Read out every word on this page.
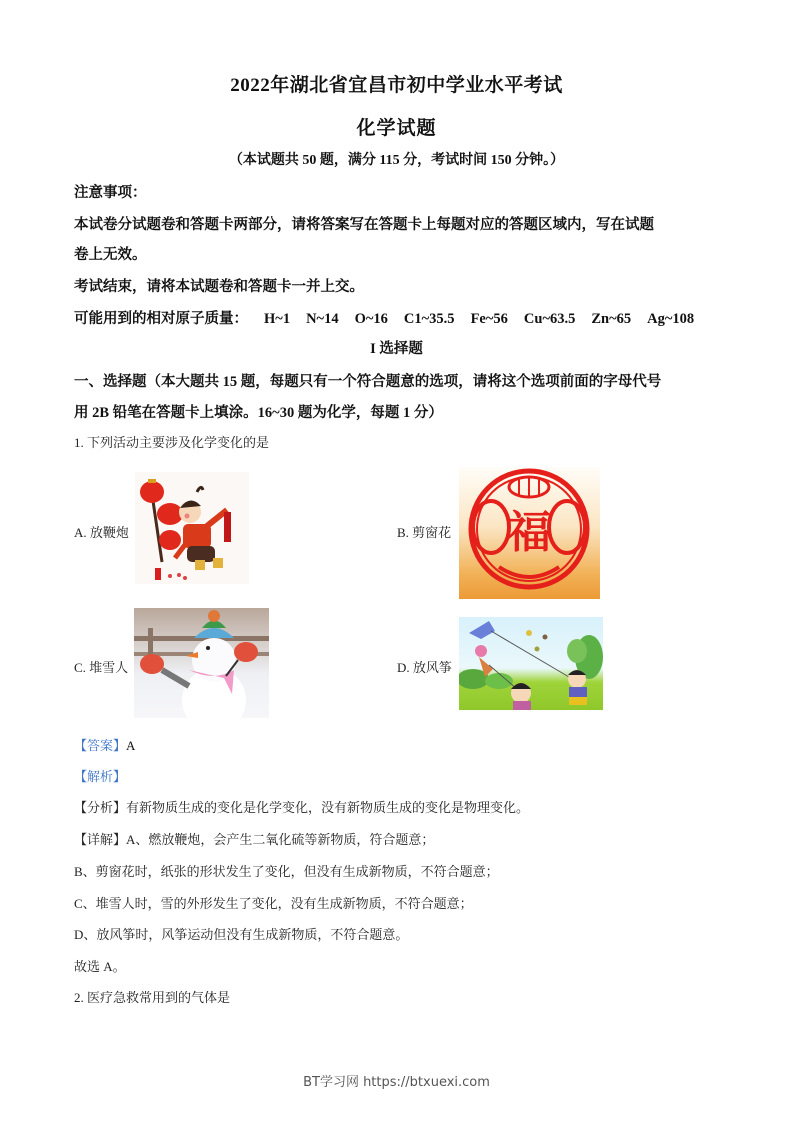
2022年湖北省宜昌市初中学业水平考试
化学试题
（本试题共 50 题，满分 115 分，考试时间 150 分钟。）
注意事项：
本试卷分试题卷和答题卡两部分，请将答案写在答题卡上每题对应的答题区域内，写在试题
卷上无效。
考试结束，请将本试题卷和答题卡一并上交。
可能用到的相对原子质量： H~1 N~14 O~16 C1~35.5 Fe~56 Cu~63.5 Zn~65 Ag~108
I 选择题
一、选择题（本大题共 15 题，每题只有一个符合题意的选项，请将这个选项前面的字母代号
用 2B 铅笔在答题卡上填涂。16~30 题为化学，每题 1 分）
1. 下列活动主要涉及化学变化的是
A. 放鞭炮	B. 剪窗花 福
C. 堆雪人	D. 放风筝
【答案】A
【解析】
【分析】有新物质生成的变化是化学变化，没有新物质生成的变化是物理变化。
【详解】A、燃放鞭炮，会产生二氧化硫等新物质，符合题意；
B、剪窗花时，纸张的形状发生了变化，但没有生成新物质，不符合题意；
C、堆雪人时，雪的外形发生了变化，没有生成新物质，不符合题意；
D、放风筝时，风筝运动但没有生成新物质，不符合题意。
故选 A。
2. 医疗急救常用到的气体是
BT学习网 https://btxuexi.com
